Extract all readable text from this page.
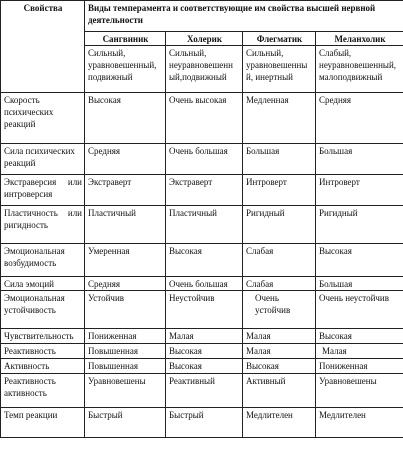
Свойства	Виды темперамента и соответствующие им свойства высшей нервной деятельности			
	Сангвиник	Холерик	Флегматик	Меланхолик
	Сильный, уравновешенный, подвижный	Сильный, неуравновешенн ый,подвижный	Сильный, уравновешенны й, инертный	Слабый, неуравновешенный, малоподвижный
Скорость психических реакций	Высокая	Очень высокая	Медленная	Средняя
Сила психических реакций	Средняя	Очень большая	Большая	Большая
Экстраверсия или интроверсия	Экстраверт	Экстраверт	Интроверт	Интроверт
Пластичность или ригидность	Пластичный	Пластичный	Ригидный	Ригидный
Эмоциональная возбудимость	Умеренная	Высокая	Слабая	Высокая
Сила эмоций	Средняя	Очень большая	Слабая	Большая
Эмоциональная устойчивость	Устойчив	Неустойчив	Очень устойчив	Очень неустойчив
Чувствительность	Пониженная	Малая	Малая	Высокая
Реактивность	Повышенная	Высокая	Малая	Малая
Активность	Повышенная	Высокая	Высокая	Пониженная
Реактивность активность	Уравновешены	Реактивный	Активный	Уравновешены
Темп реакции	Быстрый	Быстрый	Медлителен	Медлителен
